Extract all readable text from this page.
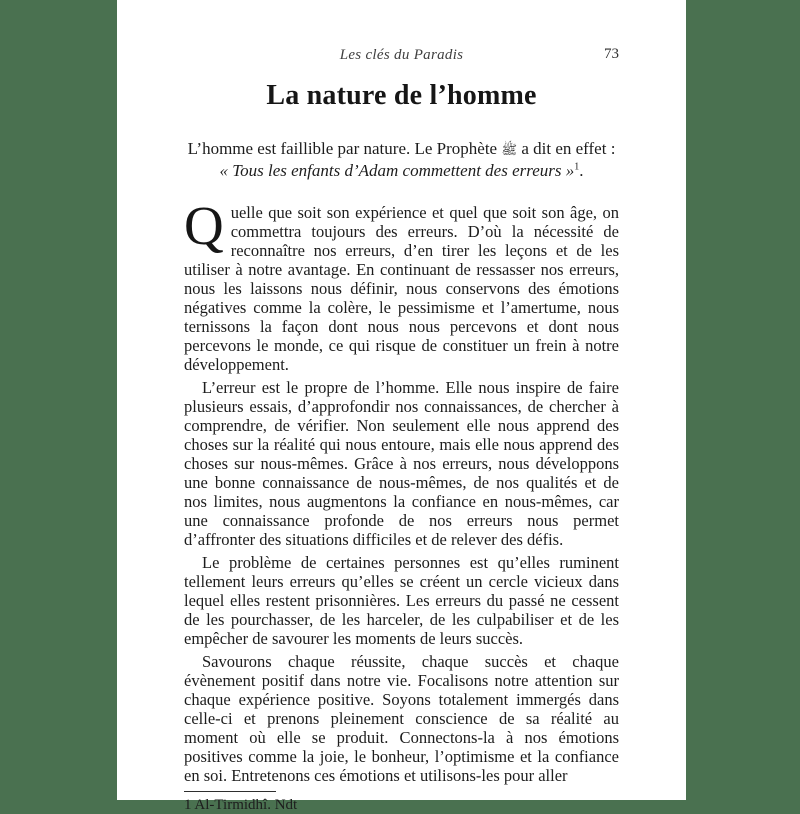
Les clés du Paradis	73
La nature de l’homme
L’homme est faillible par nature. Le Prophète ﷺ a dit en effet :
« Tous les enfants d’Adam commettent des erreurs »$^1$.

Quelle que soit son expérience et quel que soit son âge, on commettra toujours des erreurs. D’où la nécessité de reconnaître nos erreurs, d’en tirer les leçons et de les utiliser à notre avantage. En continuant de ressasser nos erreurs, nous les laissons nous définir, nous conservons des émotions négatives comme la colère, le pessimisme et l’amertume, nous ternissons la façon dont nous nous percevons et dont nous percevons le monde, ce qui risque de constituer un frein à notre développement.

L’erreur est le propre de l’homme. Elle nous inspire de faire plusieurs essais, d’approfondir nos connaissances, de chercher à comprendre, de vérifier. Non seulement elle nous apprend des choses sur la réalité qui nous entoure, mais elle nous apprend des choses sur nous-mêmes. Grâce à nos erreurs, nous développons une bonne connaissance de nous-mêmes, de nos qualités et de nos limites, nous augmentons la confiance en nous-mêmes, car une connaissance profonde de nos erreurs nous permet d’affronter des situations difficiles et de relever des défis.

Le problème de certaines personnes est qu’elles ruminent tellement leurs erreurs qu’elles se créent un cercle vicieux dans lequel elles restent prisonnières. Les erreurs du passé ne cessent de les pourchasser, de les harceler, de les culpabiliser et de les empêcher de savourer les moments de leurs succès.

Savourons chaque réussite, chaque succès et chaque évènement positif dans notre vie. Focalisons notre attention sur chaque expérience positive. Soyons totalement immergés dans celle-ci et prenons pleinement conscience de sa réalité au moment où elle se produit. Connectons-la à nos émotions positives comme la joie, le bonheur, l’optimisme et la confiance en soi. Entretenons ces émotions et utilisons-les pour aller

1 Al-Tirmidhî. Ndt
